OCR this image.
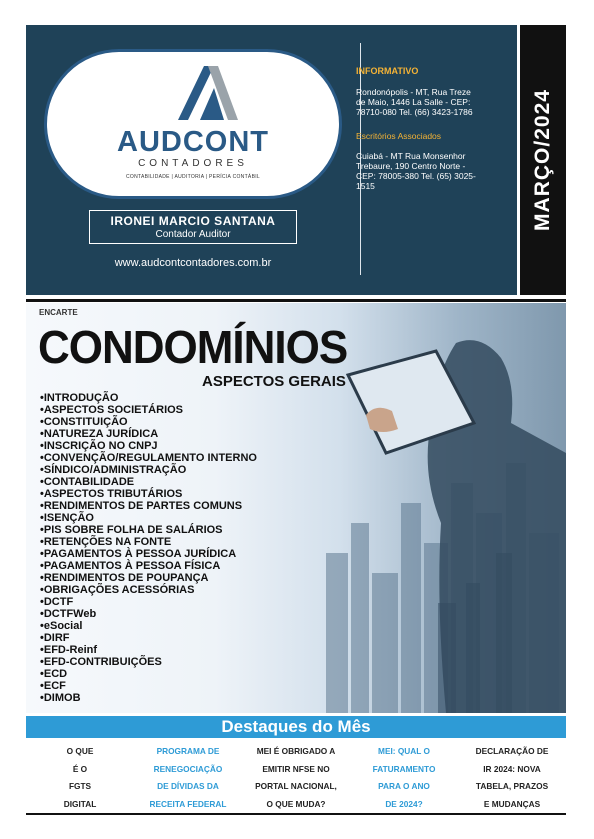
AUDCONT
CONTADORES
CONTABILIDADE | AUDITORIA | PERÍCIA CONTÁBIL
IRONEI MARCIO SANTANA
Contador Auditor
www.audcontcontadores.com.br
INFORMATIVO
Rondonópolis - MT, Rua Treze de Maio, 1446 La Salle - CEP: 78710-080 Tel. (66) 3423-1786
Escritórios Associados
Cuiabá - MT Rua Monsenhor Trebaure, 190 Centro Norte - CEP: 78005-380 Tel. (65) 3025-1515	MARÇO/2024
ENCARTE
CONDOMÍNIOS
ASPECTOS GERAIS
• INTRODUÇÃO
• ASPECTOS SOCIETÁRIOS
• CONSTITUIÇÃO
• NATUREZA JURÍDICA
• INSCRIÇÃO NO CNPJ
• CONVENÇÃO/REGULAMENTO INTERNO
• SÍNDICO/ADMINISTRAÇÃO
• CONTABILIDADE
• ASPECTOS TRIBUTÁRIOS
• RENDIMENTOS DE PARTES COMUNS
• ISENÇÃO
• PIS SOBRE FOLHA DE SALÁRIOS
• RETENÇÕES NA FONTE
• PAGAMENTOS À PESSOA JURÍDICA
• PAGAMENTOS À PESSOA FÍSICA
• RENDIMENTOS DE POUPANÇA
• OBRIGAÇÕES ACESSÓRIAS
• DCTF
• DCTFWeb
• eSocial
• DIRF
• EFD-Reinf
• EFD-CONTRIBUIÇÕES
• ECD
• ECF
• DIMOB
Destaques do Mês
O QUE
É O
FGTS
DIGITAL
PROGRAMA DE
RENEGOCIAÇÃO
DE DÍVIDAS DA
RECEITA FEDERAL
MEI É OBRIGADO A
EMITIR NFSE NO
PORTAL NACIONAL,
O QUE MUDA?
MEI: QUAL O
FATURAMENTO
PARA O ANO
DE 2024?
DECLARAÇÃO DE
IR 2024: NOVA
TABELA, PRAZOS
E MUDANÇAS
